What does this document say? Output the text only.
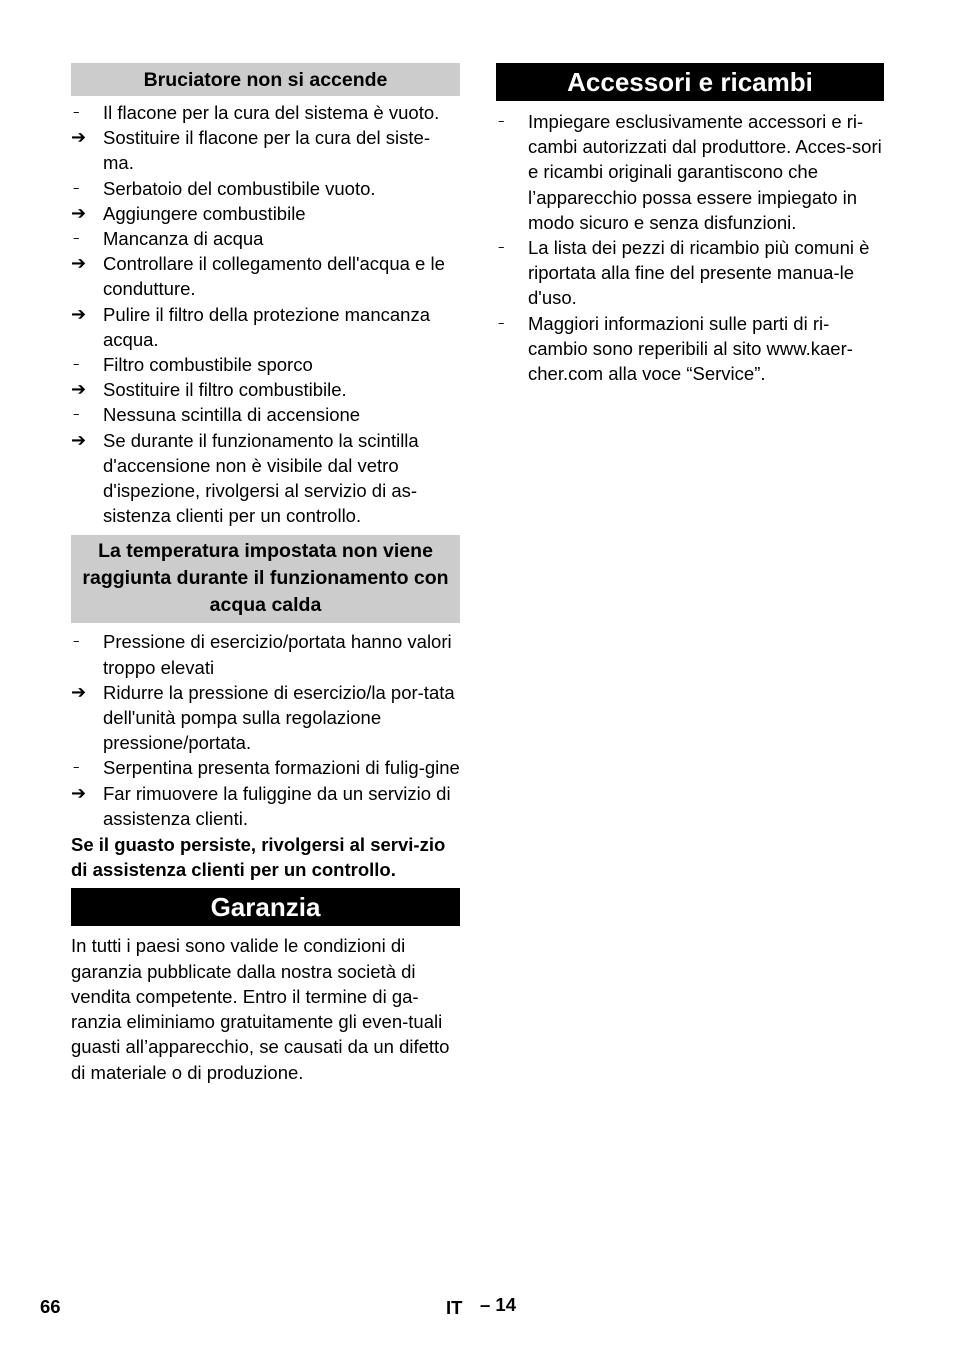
Bruciatore non si accende
–	Il flacone per la cura del sistema è vuoto.
➔ Sostituire il flacone per la cura del siste-ma.
–	Serbatoio del combustibile vuoto.
➔ Aggiungere combustibile
–	Mancanza di acqua
➔ Controllare il collegamento dell'acqua e le condutture.
➔ Pulire il filtro della protezione mancanza acqua.
–	Filtro combustibile sporco
➔ Sostituire il filtro combustibile.
–	Nessuna scintilla di accensione
➔ Se durante il funzionamento la scintilla d'accensione non è visibile dal vetro d'ispezione, rivolgersi al servizio di as-sistenza clienti per un controllo.
La temperatura impostata non viene raggiunta durante il funzionamento con acqua calda
–	Pressione di esercizio/portata hanno valori troppo elevati
➔ Ridurre la pressione di esercizio/la por-tata dell'unità pompa sulla regolazione pressione/portata.
–	Serpentina presenta formazioni di fulig-gine
➔ Far rimuovere la fuliggine da un servizio di assistenza clienti.
Se il guasto persiste, rivolgersi al servi-zio di assistenza clienti per un controllo.
Garanzia
In tutti i paesi sono valide le condizioni di garanzia pubblicate dalla nostra società di vendita competente. Entro il termine di ga-ranzia eliminiamo gratuitamente gli even-tuali guasti all’apparecchio, se causati da un difetto di materiale o di produzione.
Accessori e ricambi
–	Impiegare esclusivamente accessori e ri-cambi autorizzati dal produttore. Acces-sori e ricambi originali garantiscono che l’apparecchio possa essere impiegato in modo sicuro e senza disfunzioni.
–	La lista dei pezzi di ricambio più comuni è riportata alla fine del presente manua-le d'uso.
–	Maggiori informazioni sulle parti di ri-cambio sono reperibili al sito www.kaer-cher.com alla voce “Service”.
66	IT – 14
